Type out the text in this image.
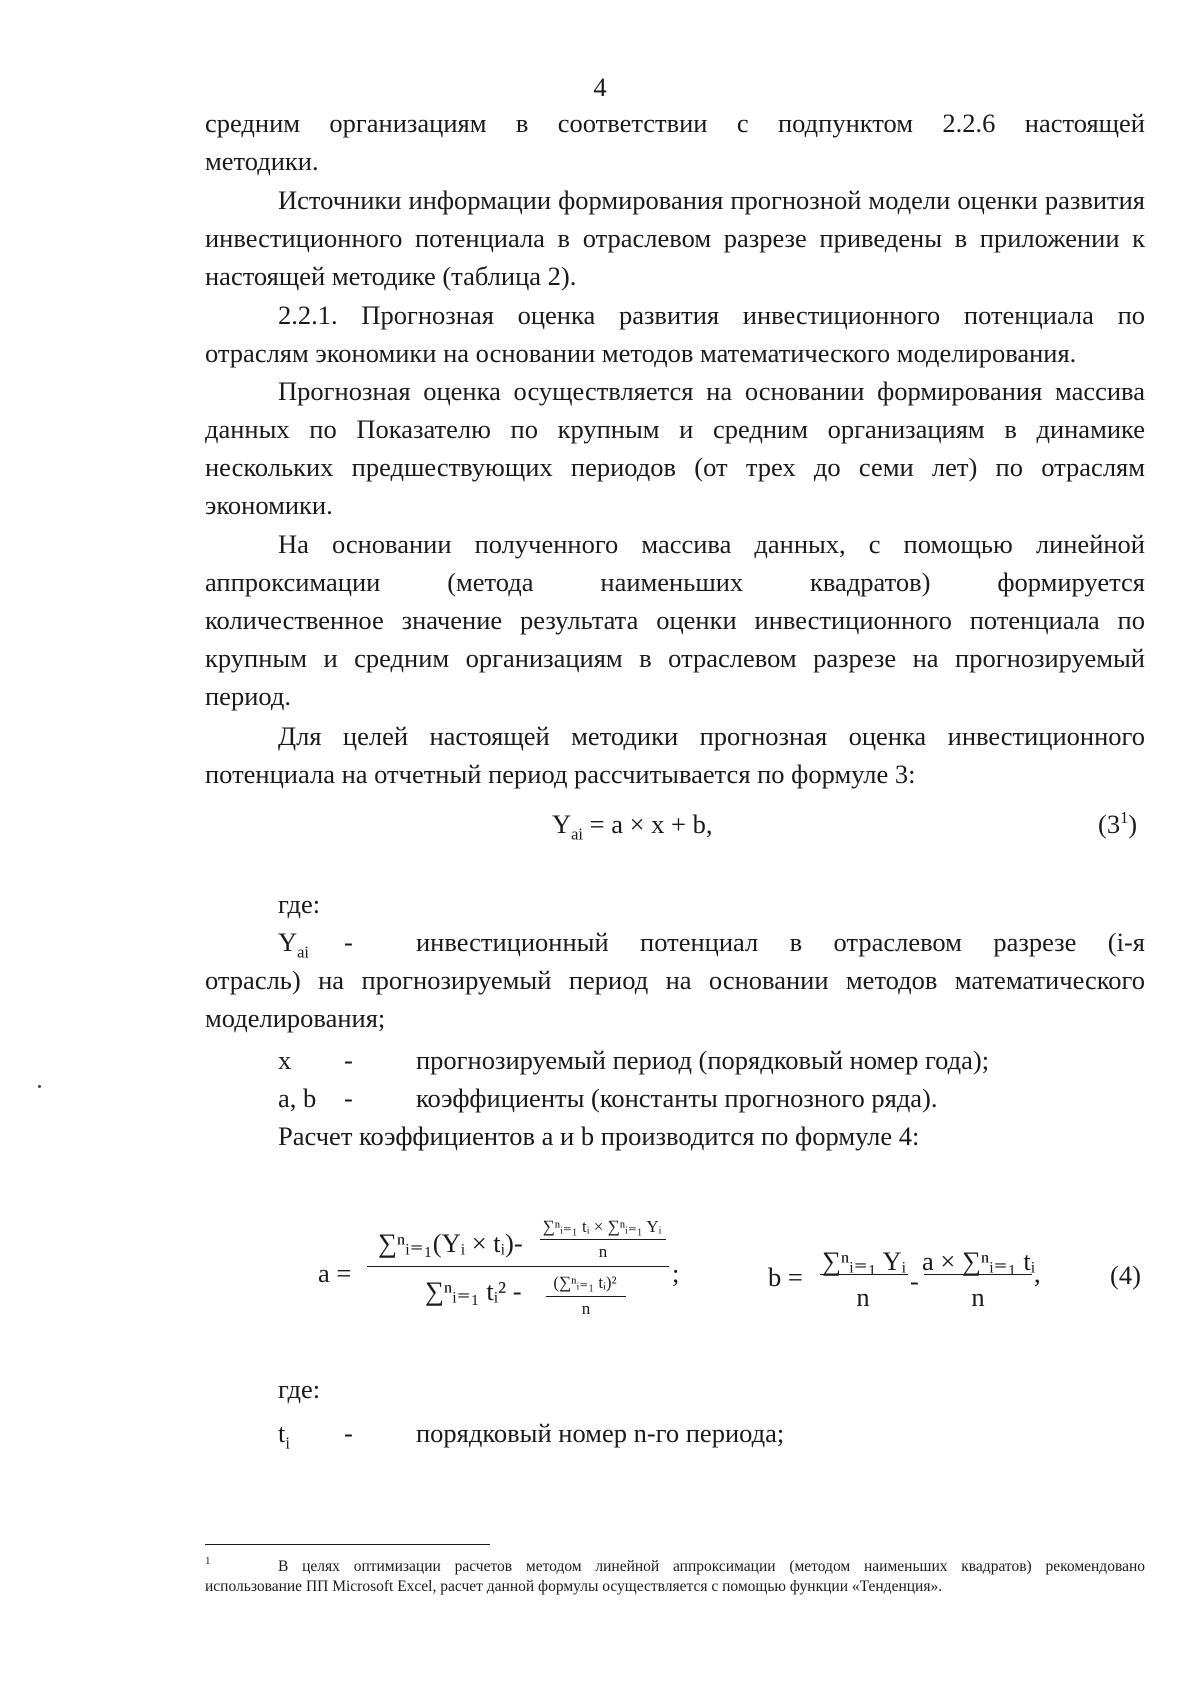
4

средним организациям в соответствии с подпунктом 2.2.6 настоящей

методики.

Источники информации формирования прогнозной модели оценки развития инвестиционного потенциала в отраслевом разрезе приведены в приложении к настоящей методике (таблица 2).

2.2.1. Прогнозная оценка развития инвестиционного потенциала по отраслям экономики на основании методов математического моделирования.

Прогнозная оценка осуществляется на основании формирования массива данных по Показателю по крупным и средним организациям в динамике нескольких предшествующих периодов (от трех до семи лет) по отраслям экономики.

На основании полученного массива данных, с помощью линейной

аппроксимации	(метода	наименьших	квадратов)	формируется

количественное значение результата оценки инвестиционного потенциала по крупным и средним организациям в отраслевом разрезе на прогнозируемый период.

Для целей настоящей методики прогнозная оценка инвестиционного потенциала на отчетный период рассчитывается по формуле 3:

$Y_{ai} = a \times x + b$,	$(3^1)$
где:
$Y_{ai}$	-	инвестиционный потенциал в отраслевом разрезе (i-я

отрасль) на прогнозируемый период на основании методов математического моделирования;

x	-	прогнозируемый период (порядковый номер года);
a, b	-	коэффициенты (константы прогнозного ряда).

Расчет коэффициентов a и b производится по формуле 4:

a =
∑ⁿᵢ₌₁(Yᵢ × tᵢ)-
∑ⁿᵢ₌₁ tᵢ × ∑ⁿᵢ₌₁ Yᵢ
n
∑ⁿᵢ₌₁ tᵢ² -	(∑ⁿᵢ₌₁ tᵢ)²
n
;	b =
∑ⁿᵢ₌₁ Yᵢ
n
-
a × ∑ⁿᵢ₌₁ tᵢ
n
,	(4)
где:
$t_i$	-	порядковый номер n-го периода;
1	В целях оптимизации расчетов методом линейной аппроксимации (методом наименьших квадратов) рекомендовано использование ПП Microsoft Excel, расчет данной формулы осуществляется с помощью функции «Тенденция».
